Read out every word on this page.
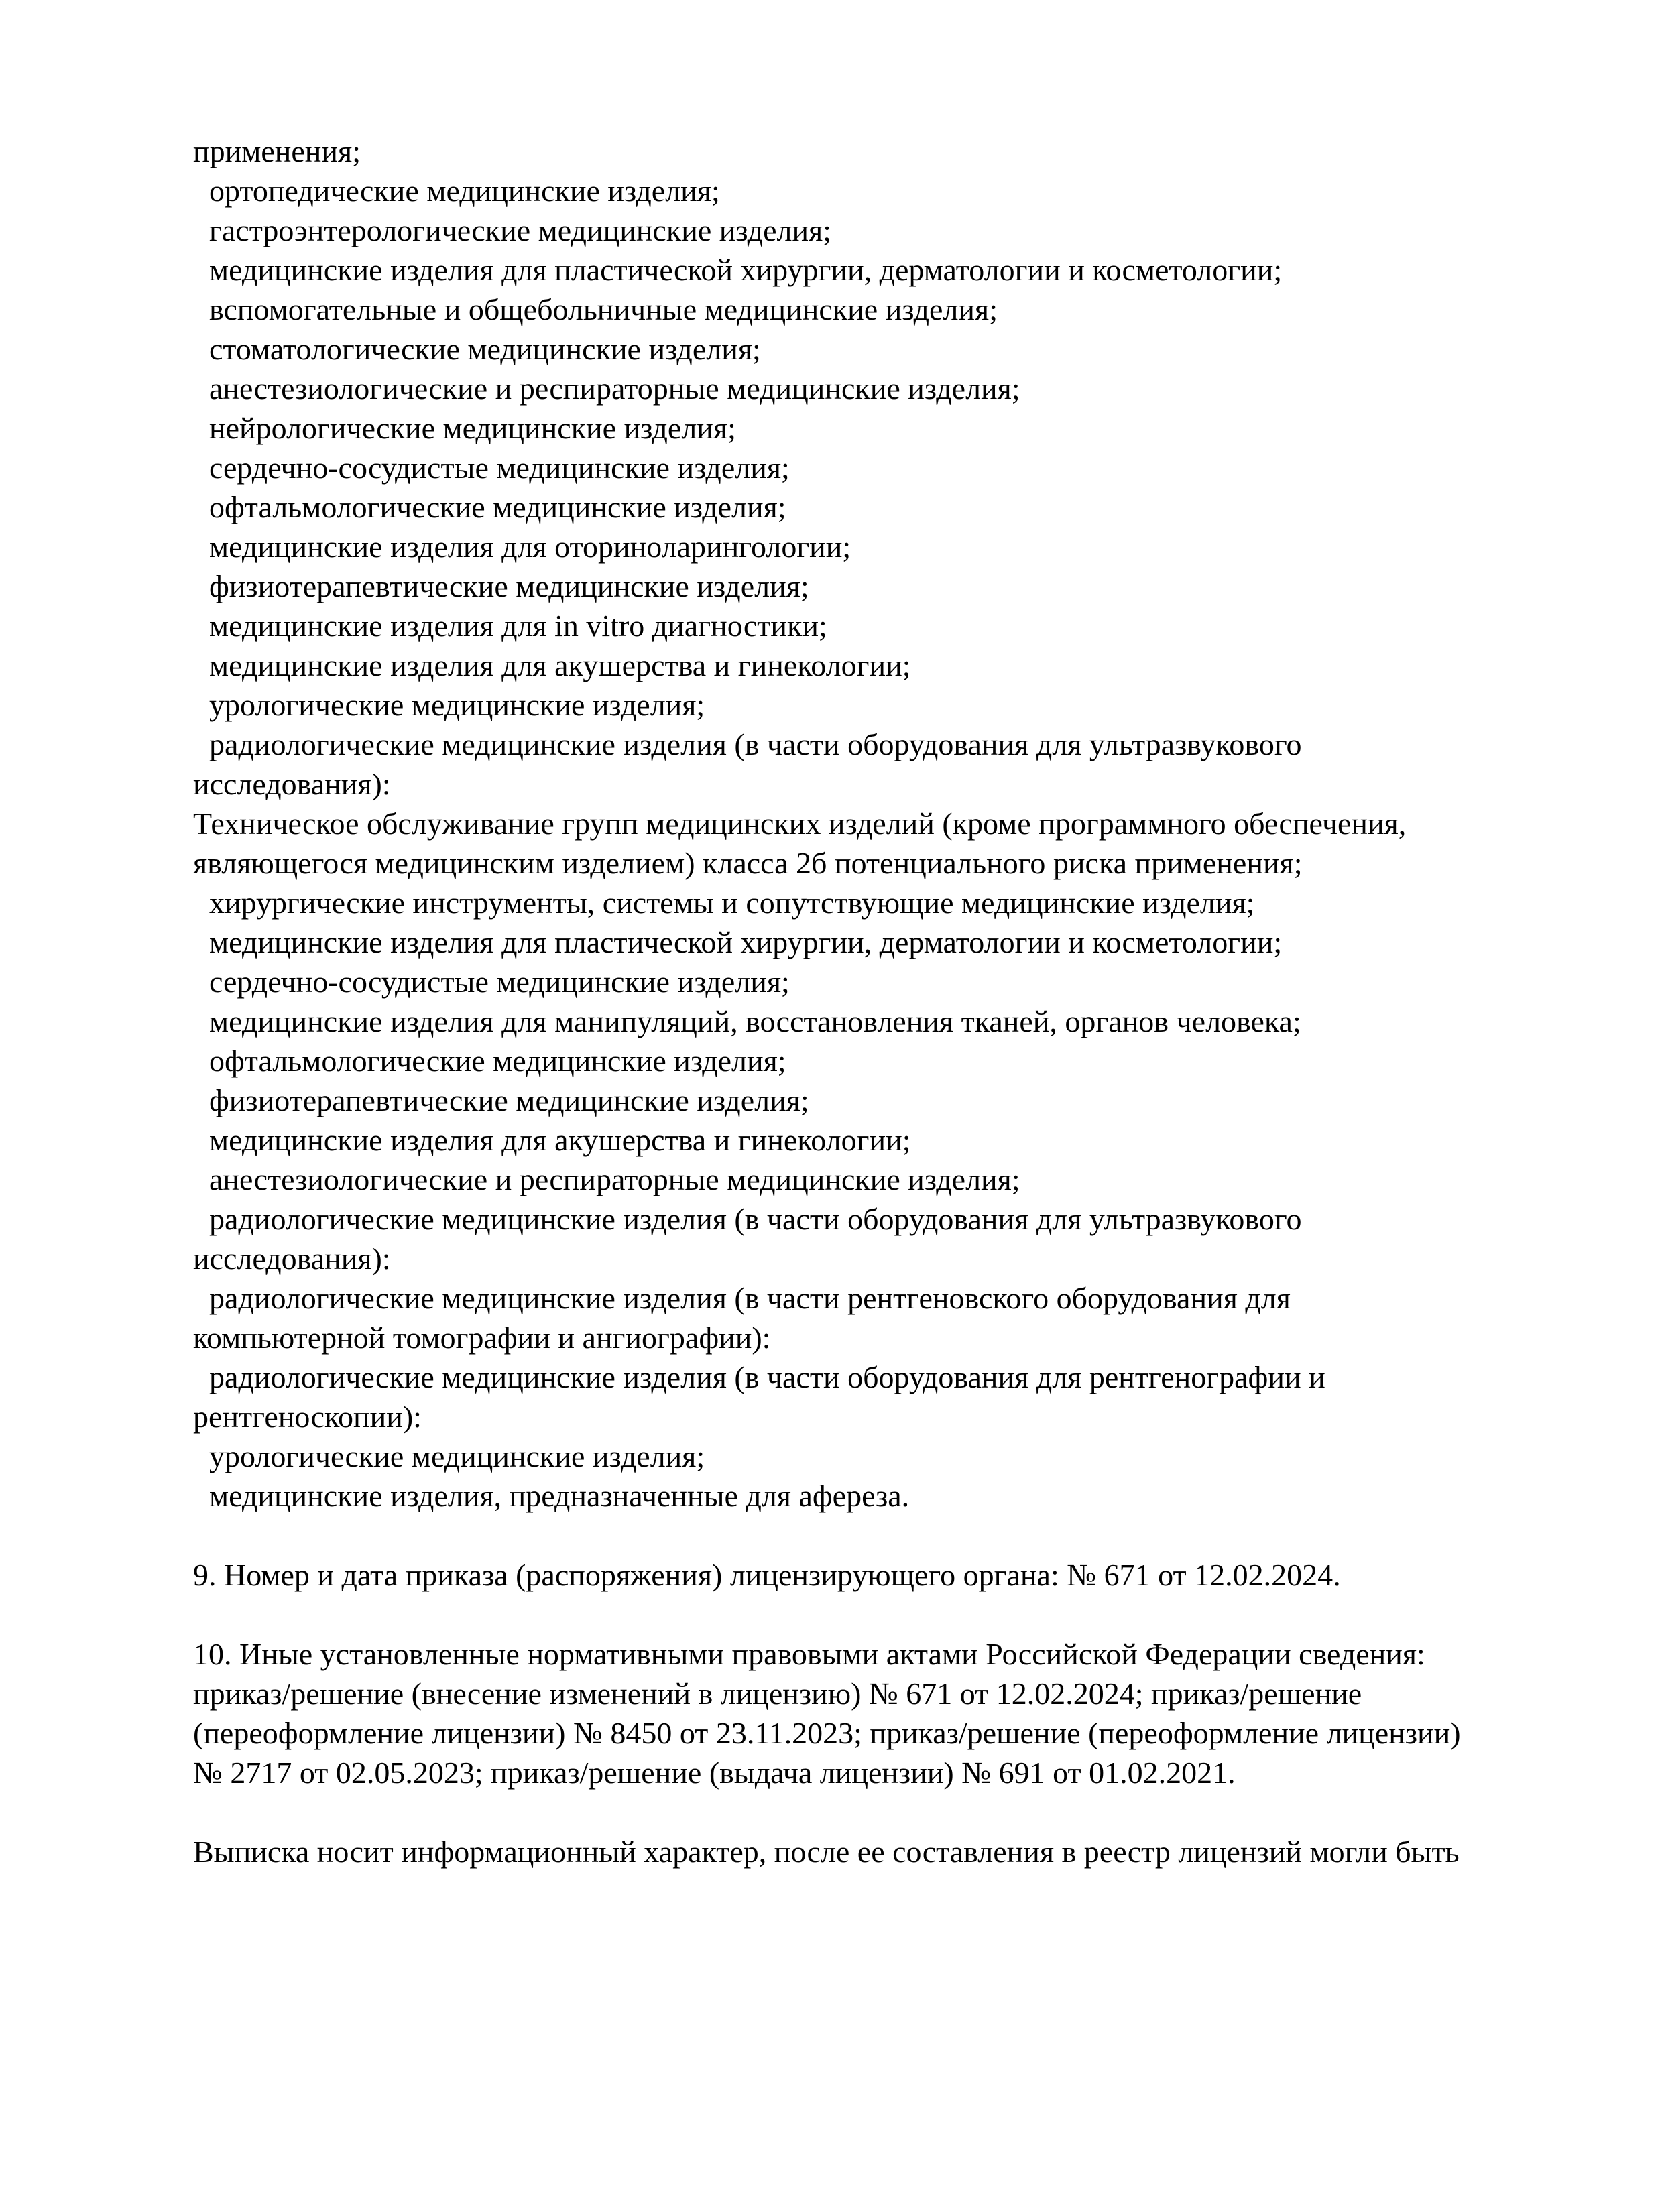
применения;
ортопедические медицинские изделия;
гастроэнтерологические медицинские изделия;
медицинские изделия для пластической хирургии, дерматологии и косметологии;
вспомогательные и общебольничные медицинские изделия;
стоматологические медицинские изделия;
анестезиологические и респираторные медицинские изделия;
нейрологические медицинские изделия;
сердечно-сосудистые медицинские изделия;
офтальмологические медицинские изделия;
медицинские изделия для оториноларингологии;
физиотерапевтические медицинские изделия;
медицинские изделия для in vitro диагностики;
медицинские изделия для акушерства и гинекологии;
урологические медицинские изделия;
радиологические медицинские изделия (в части оборудования для ультразвукового
исследования):
Техническое обслуживание групп медицинских изделий (кроме программного обеспечения,
являющегося медицинским изделием) класса 2б потенциального риска применения;
хирургические инструменты, системы и сопутствующие медицинские изделия;
медицинские изделия для пластической хирургии, дерматологии и косметологии;
сердечно-сосудистые медицинские изделия;
медицинские изделия для манипуляций, восстановления тканей, органов человека;
офтальмологические медицинские изделия;
физиотерапевтические медицинские изделия;
медицинские изделия для акушерства и гинекологии;
анестезиологические и респираторные медицинские изделия;
радиологические медицинские изделия (в части оборудования для ультразвукового
исследования):
радиологические медицинские изделия (в части рентгеновского оборудования для
компьютерной томографии и ангиографии):
радиологические медицинские изделия (в части оборудования для рентгенографии и
рентгеноскопии):
урологические медицинские изделия;
медицинские изделия, предназначенные для афереза.
9. Номер и дата приказа (распоряжения) лицензирующего органа: № 671 от 12.02.2024.
10. Иные установленные нормативными правовыми актами Российской Федерации сведения:
приказ/решение (внесение изменений в лицензию) № 671 от 12.02.2024; приказ/решение
(переоформление лицензии) № 8450 от 23.11.2023; приказ/решение (переоформление лицензии)
№ 2717 от 02.05.2023; приказ/решение (выдача лицензии) № 691 от 01.02.2021.
Выписка носит информационный характер, после ее составления в реестр лицензий могли быть
